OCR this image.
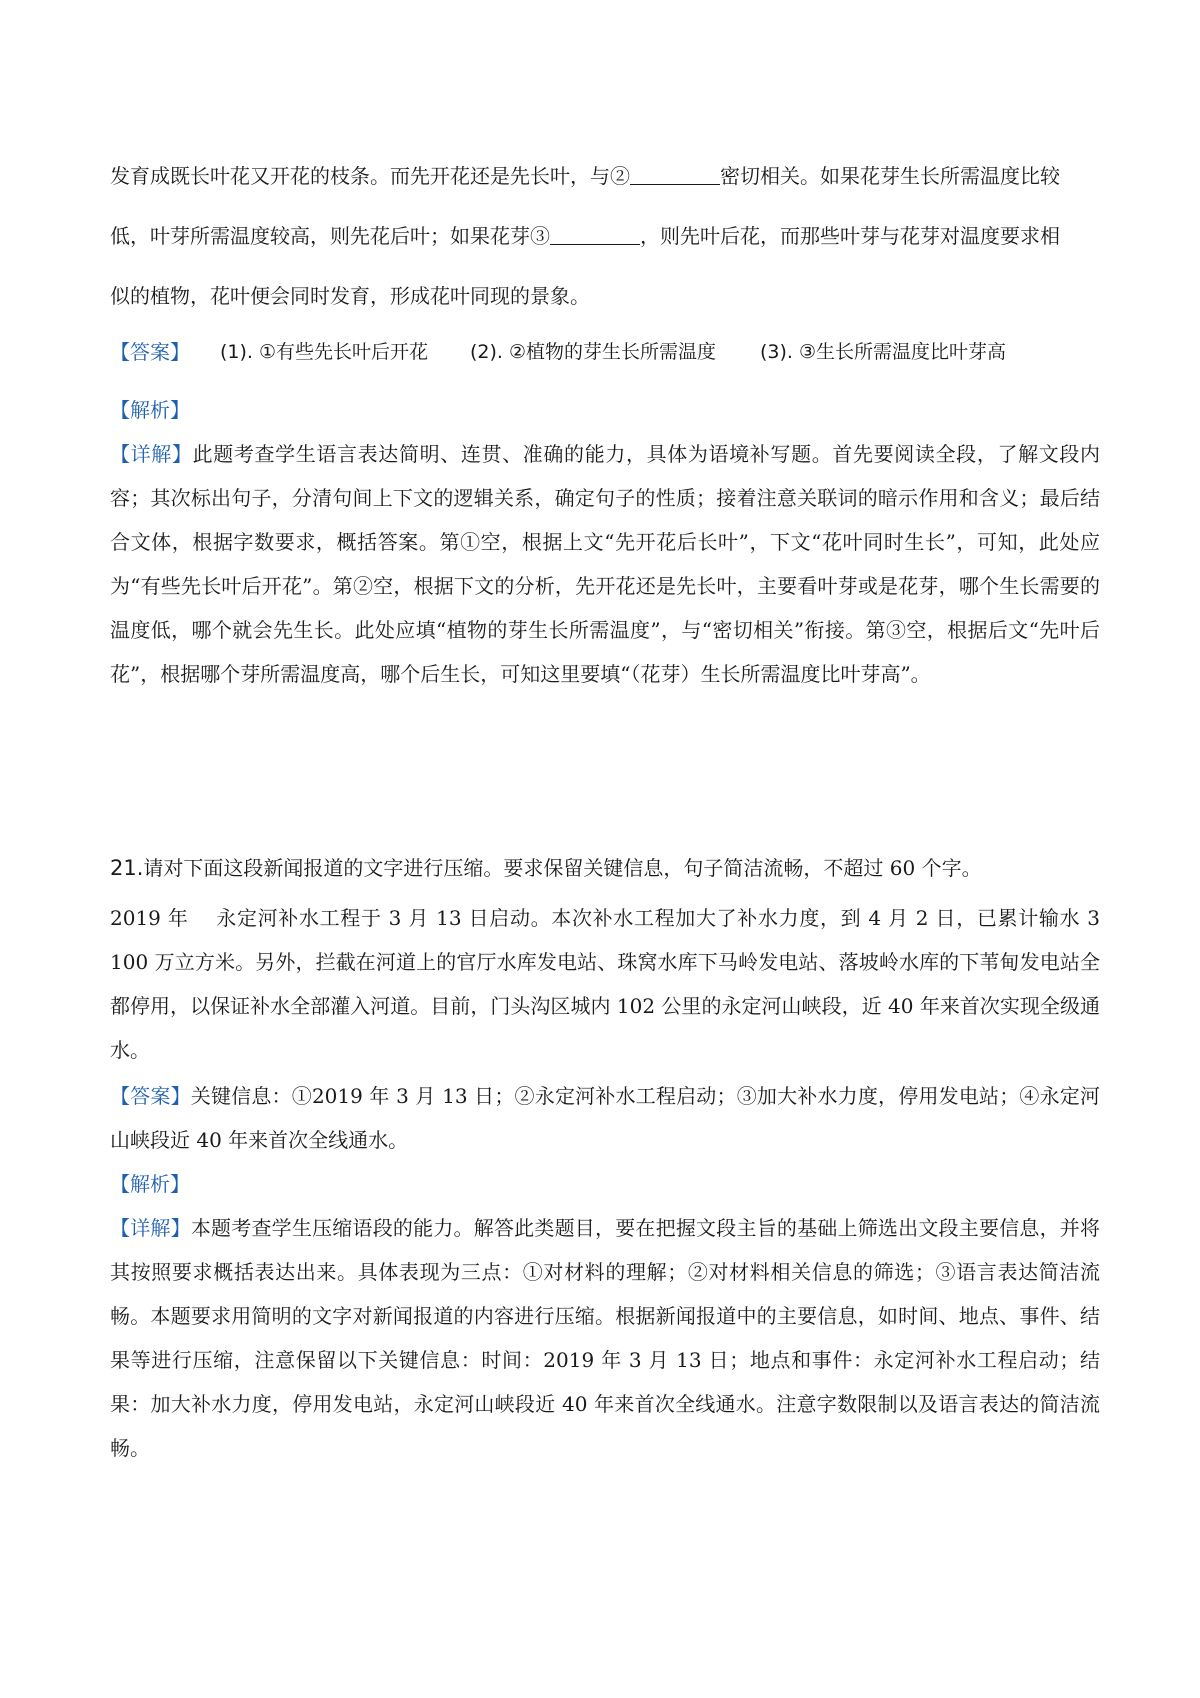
发育成既长叶花又开花的枝条。而先开花还是先长叶，与②	密切相关。如果花芽生长所需温度比较
低，叶芽所需温度较高，则先花后叶；如果花芽③	，则先叶后花，而那些叶芽与花芽对温度要求相
似的植物，花叶便会同时发育，形成花叶同现的景象。
【答案】 (1). ①有些先长叶后开花 (2). ②植物的芽生长所需温度 (3). ③生长所需温度比叶芽高
【解析】
【详解】此题考查学生语言表达简明、连贯、准确的能力，具体为语境补写题。首先要阅读全段，了解文段内容；其次标出句子，分清句间上下文的逻辑关系，确定句子的性质；接着注意关联词的暗示作用和含义；最后结合文体，根据字数要求，概括答案。第①空，根据上文“先开花后长叶”，下文“花叶同时生长”，可知，此处应为“有些先长叶后开花”。第②空，根据下文的分析，先开花还是先长叶，主要看叶芽或是花芽，哪个生长需要的温度低，哪个就会先生长。此处应填“植物的芽生长所需温度”，与“密切相关”衔接。第③空，根据后文“先叶后花”，根据哪个芽所需温度高，哪个后生长，可知这里要填“（花芽）生长所需温度比叶芽高”。
21.请对下面这段新闻报道的文字进行压缩。要求保留关键信息，句子简洁流畅，不超过 60 个字。
2019 年　 永定河补水工程于 3 月 13 日启动。本次补水工程加大了补水力度，到 4 月 2 日，已累计输水 3 100 万立方米。另外，拦截在河道上的官厅水库发电站、珠窝水库下马岭发电站、落坡岭水库的下苇甸发电站全都停用，以保证补水全部灌入河道。目前，门头沟区城内 102 公里的永定河山峡段，近 40 年来首次实现全级通水。
【答案】关键信息：①2019 年 3 月 13 日；②永定河补水工程启动；③加大补水力度，停用发电站；④永定河山峡段近 40 年来首次全线通水。
【解析】
【详解】本题考查学生压缩语段的能力。解答此类题目，要在把握文段主旨的基础上筛选出文段主要信息，并将其按照要求概括表达出来。具体表现为三点：①对材料的理解；②对材料相关信息的筛选；③语言表达简洁流畅。本题要求用简明的文字对新闻报道的内容进行压缩。根据新闻报道中的主要信息，如时间、地点、事件、结果等进行压缩，注意保留以下关键信息：时间：2019 年 3 月 13 日；地点和事件：永定河补水工程启动；结果：加大补水力度，停用发电站，永定河山峡段近 40 年来首次全线通水。注意字数限制以及语言表达的简洁流畅。
